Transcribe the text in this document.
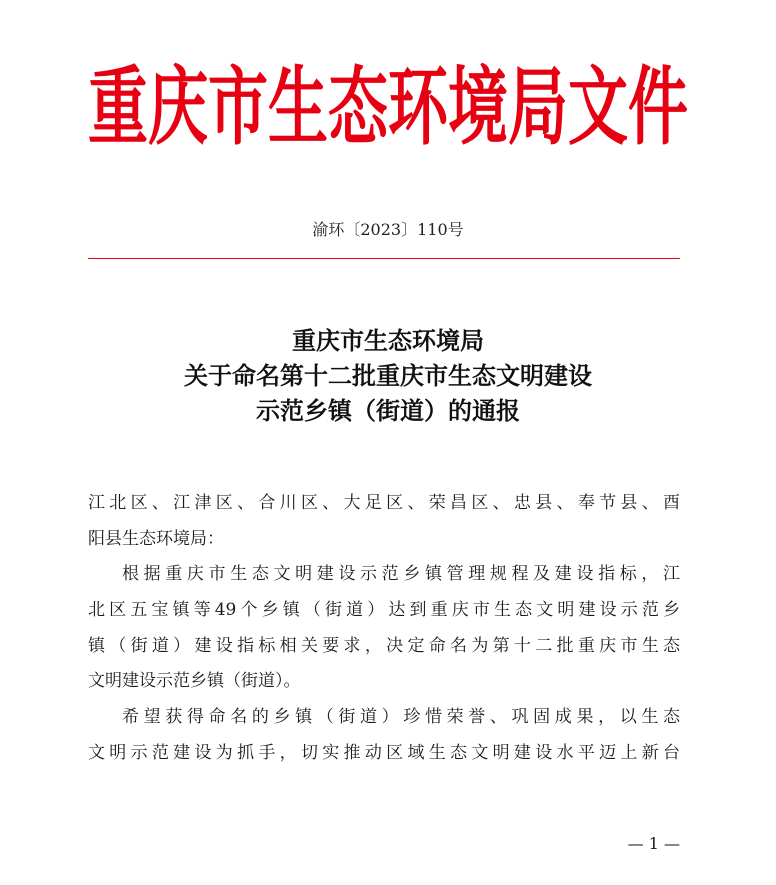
重庆市生态环境局文件
渝环〔2023〕110号
重庆市生态环境局
关于命名第十二批重庆市生态文明建设
示范乡镇（街道）的通报
江北区、江津区、合川区、大足区、荣昌区、忠县、奉节县、酉
阳县生态环境局：
根据重庆市生态文明建设示范乡镇管理规程及建设指标，江
北区五宝镇等49个乡镇（街道）达到重庆市生态文明建设示范乡
镇（街道）建设指标相关要求，决定命名为第十二批重庆市生态
文明建设示范乡镇（街道）。
希望获得命名的乡镇（街道）珍惜荣誉、巩固成果，以生态
文明示范建设为抓手，切实推动区域生态文明建设水平迈上新台
— 1 —
